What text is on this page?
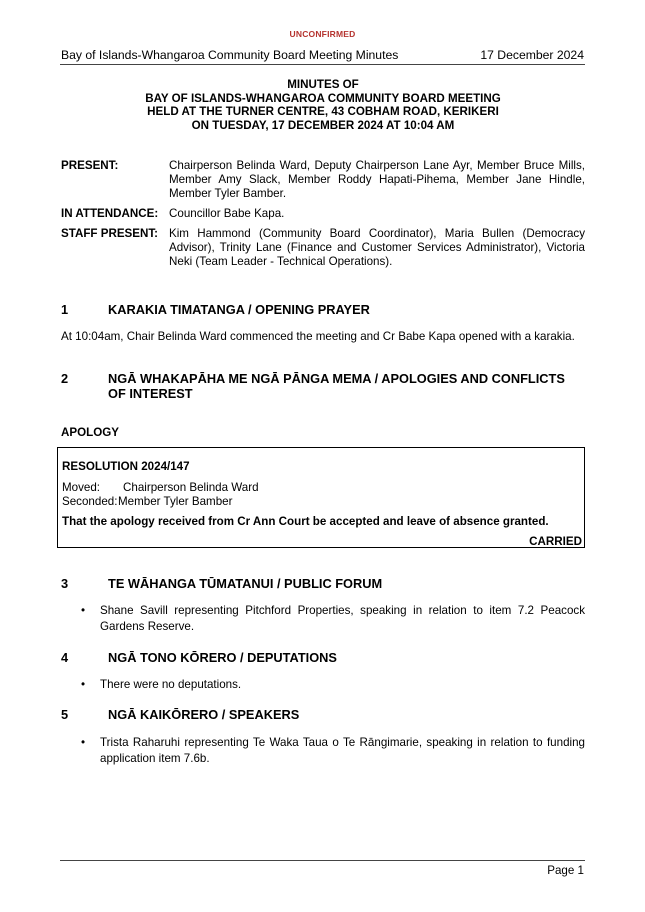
UNCONFIRMED
Bay of Islands-Whangaroa Community Board Meeting Minutes	17 December 2024
MINUTES OF
BAY OF ISLANDS-WHANGAROA COMMUNITY BOARD MEETING
HELD AT THE TURNER CENTRE, 43 COBHAM ROAD, KERIKERI
ON TUESDAY, 17 DECEMBER 2024 AT 10:04 AM
PRESENT:	Chairperson Belinda Ward, Deputy Chairperson Lane Ayr, Member Bruce Mills, Member Amy Slack, Member Roddy Hapati-Pihema, Member Jane Hindle, Member Tyler Bamber.
IN ATTENDANCE: Councillor Babe Kapa.
STAFF PRESENT: Kim Hammond (Community Board Coordinator), Maria Bullen (Democracy Advisor), Trinity Lane (Finance and Customer Services Administrator), Victoria Neki (Team Leader - Technical Operations).
1	KARAKIA TIMATANGA / OPENING PRAYER
At 10:04am, Chair Belinda Ward commenced the meeting and Cr Babe Kapa opened with a karakia.
2	NGĀ WHAKAPĀHA ME NGĀ PĀNGA MEMA / APOLOGIES AND CONFLICTS OF INTEREST
APOLOGY
RESOLUTION 2024/147
Moved: Chairperson Belinda Ward
Seconded: Member Tyler Bamber
That the apology received from Cr Ann Court be accepted and leave of absence granted.
CARRIED
3	TE WĀHANGA TŪMATANUI / PUBLIC FORUM
• Shane Savill representing Pitchford Properties, speaking in relation to item 7.2 Peacock Gardens Reserve.
4	NGĀ TONO KŌRERO / DEPUTATIONS
• There were no deputations.
5	NGĀ KAIKŌRERO / SPEAKERS
• Trista Raharuhi representing Te Waka Taua o Te Rāngimarie, speaking in relation to funding application item 7.6b.
Page 1
